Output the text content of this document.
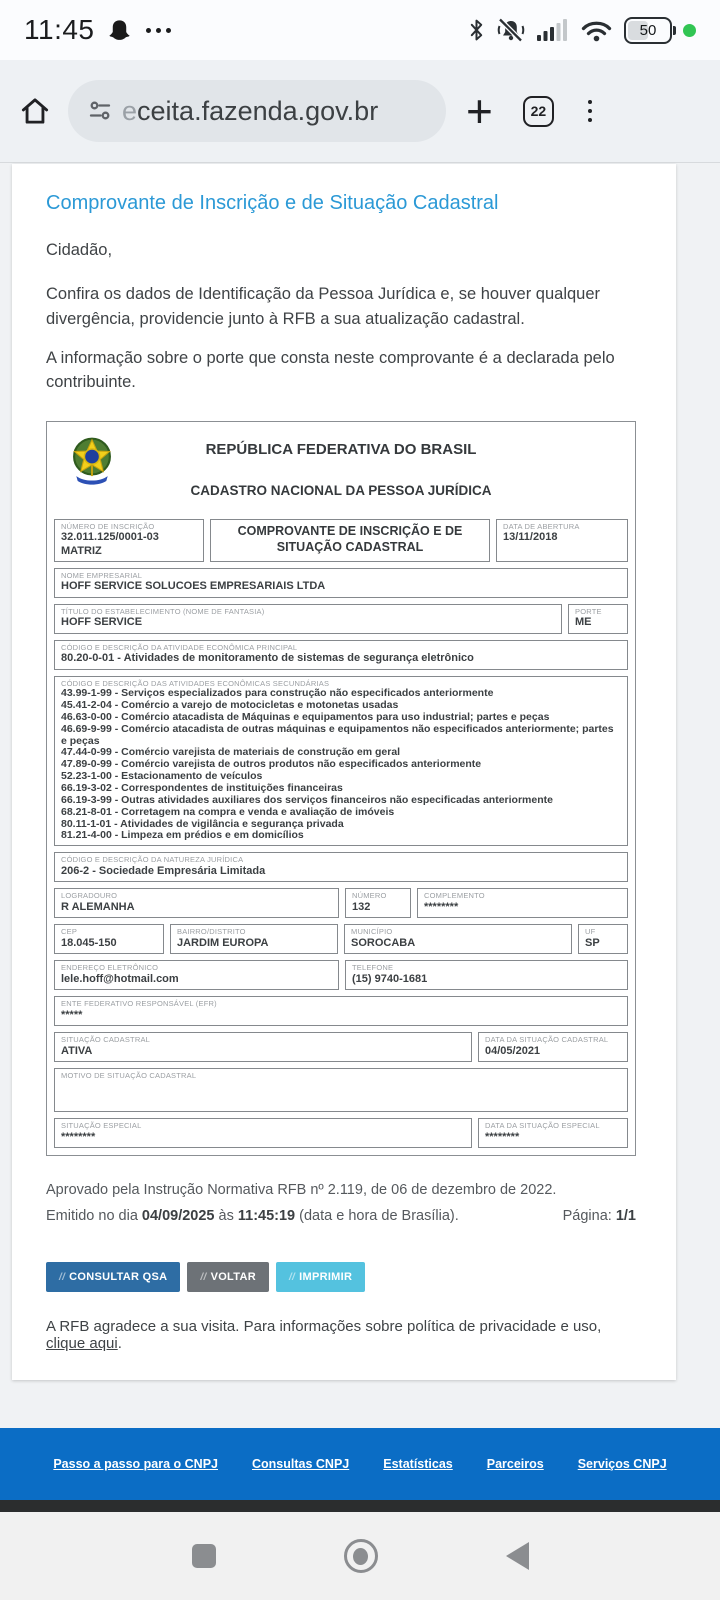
11:45	50
eceita.fazenda.gov.br +	22
Comprovante de Inscrição e de Situação Cadastral

Cidadão,

Confira os dados de Identificação da Pessoa Jurídica e, se houver qualquer divergência, providencie junto à RFB a sua atualização cadastral.

A informação sobre o porte que consta neste comprovante é a declarada pelo contribuinte.

REPÚBLICA FEDERATIVA DO BRASIL
CADASTRO NACIONAL DA PESSOA JURÍDICA
NÚMERO DE INSCRIÇÃO
32.011.125/0001-03
MATRIZ
COMPROVANTE DE INSCRIÇÃO E DE SITUAÇÃO CADASTRAL
DATA DE ABERTURA
13/11/2018
NOME EMPRESARIAL
HOFF SERVICE SOLUCOES EMPRESARIAIS LTDA
TÍTULO DO ESTABELECIMENTO (NOME DE FANTASIA)
HOFF SERVICE
PORTE
ME
CÓDIGO E DESCRIÇÃO DA ATIVIDADE ECONÔMICA PRINCIPAL
80.20-0-01 - Atividades de monitoramento de sistemas de segurança eletrônico
CÓDIGO E DESCRIÇÃO DAS ATIVIDADES ECONÔMICAS SECUNDÁRIAS
43.99-1-99 - Serviços especializados para construção não especificados anteriormente
45.41-2-04 - Comércio a varejo de motocicletas e motonetas usadas
46.63-0-00 - Comércio atacadista de Máquinas e equipamentos para uso industrial; partes e peças
46.69-9-99 - Comércio atacadista de outras máquinas e equipamentos não especificados anteriormente; partes e peças
47.44-0-99 - Comércio varejista de materiais de construção em geral
47.89-0-99 - Comércio varejista de outros produtos não especificados anteriormente
52.23-1-00 - Estacionamento de veículos
66.19-3-02 - Correspondentes de instituições financeiras
66.19-3-99 - Outras atividades auxiliares dos serviços financeiros não especificadas anteriormente
68.21-8-01 - Corretagem na compra e venda e avaliação de imóveis
80.11-1-01 - Atividades de vigilância e segurança privada
81.21-4-00 - Limpeza em prédios e em domicílios
CÓDIGO E DESCRIÇÃO DA NATUREZA JURÍDICA
206-2 - Sociedade Empresária Limitada
LOGRADOURO
R ALEMANHA
NÚMERO
132
COMPLEMENTO
********
CEP
18.045-150
BAIRRO/DISTRITO
JARDIM EUROPA
MUNICÍPIO
SOROCABA
UF
SP
ENDEREÇO ELETRÔNICO
lele.hoff@hotmail.com
TELEFONE
(15) 9740-1681
ENTE FEDERATIVO RESPONSÁVEL (EFR)
*****
SITUAÇÃO CADASTRAL
ATIVA
DATA DA SITUAÇÃO CADASTRAL
04/05/2021
MOTIVO DE SITUAÇÃO CADASTRAL
SITUAÇÃO ESPECIAL
********
DATA DA SITUAÇÃO ESPECIAL
********

Aprovado pela Instrução Normativa RFB nº 2.119, de 06 de dezembro de 2022.

Emitido no dia 04/09/2025 às 11:45:19 (data e hora de Brasília).	Página: 1/1

// CONSULTAR QSA	// VOLTAR	// IMPRIMIR

A RFB agradece a sua visita. Para informações sobre política de privacidade e uso, clique aqui.

Passo a passo para o CNPJ	Consultas CNPJ	Estatísticas	Parceiros	Serviços CNPJ
